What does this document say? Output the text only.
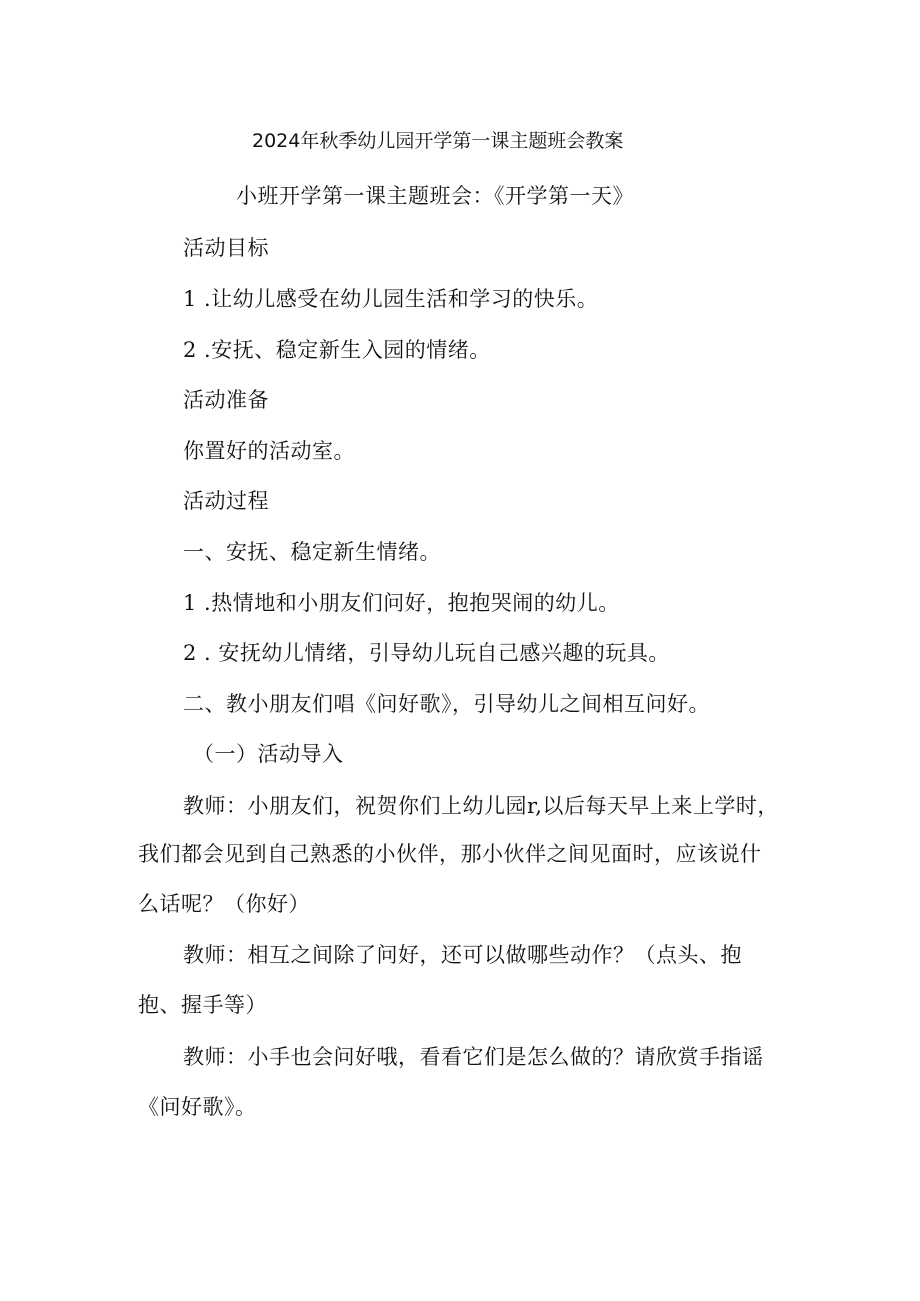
2024年秋季幼儿园开学第一课主题班会教案
小班开学第一课主题班会：《开学第一天》
活动目标
1 .让幼儿感受在幼儿园生活和学习的快乐。
2 .安抚、稳定新生入园的情绪。
活动准备
你置好的活动室。
活动过程
一、安抚、稳定新生情绪。
1 .热情地和小朋友们问好，抱抱哭闹的幼儿。
2 . 安抚幼儿情绪，引导幼儿玩自己感兴趣的玩具。
二、教小朋友们唱《问好歌》，引导幼儿之间相互问好。
（一）活动导入
教师：小朋友们，祝贺你们上幼儿园r,以后每天早上来上学时，
我们都会见到自己熟悉的小伙伴，那小伙伴之间见面时，应该说什
么话呢？（你好）
教师：相互之间除了问好，还可以做哪些动作？（点头、抱
抱、握手等）
教师：小手也会问好哦，看看它们是怎么做的？请欣赏手指谣
《问好歌》。
